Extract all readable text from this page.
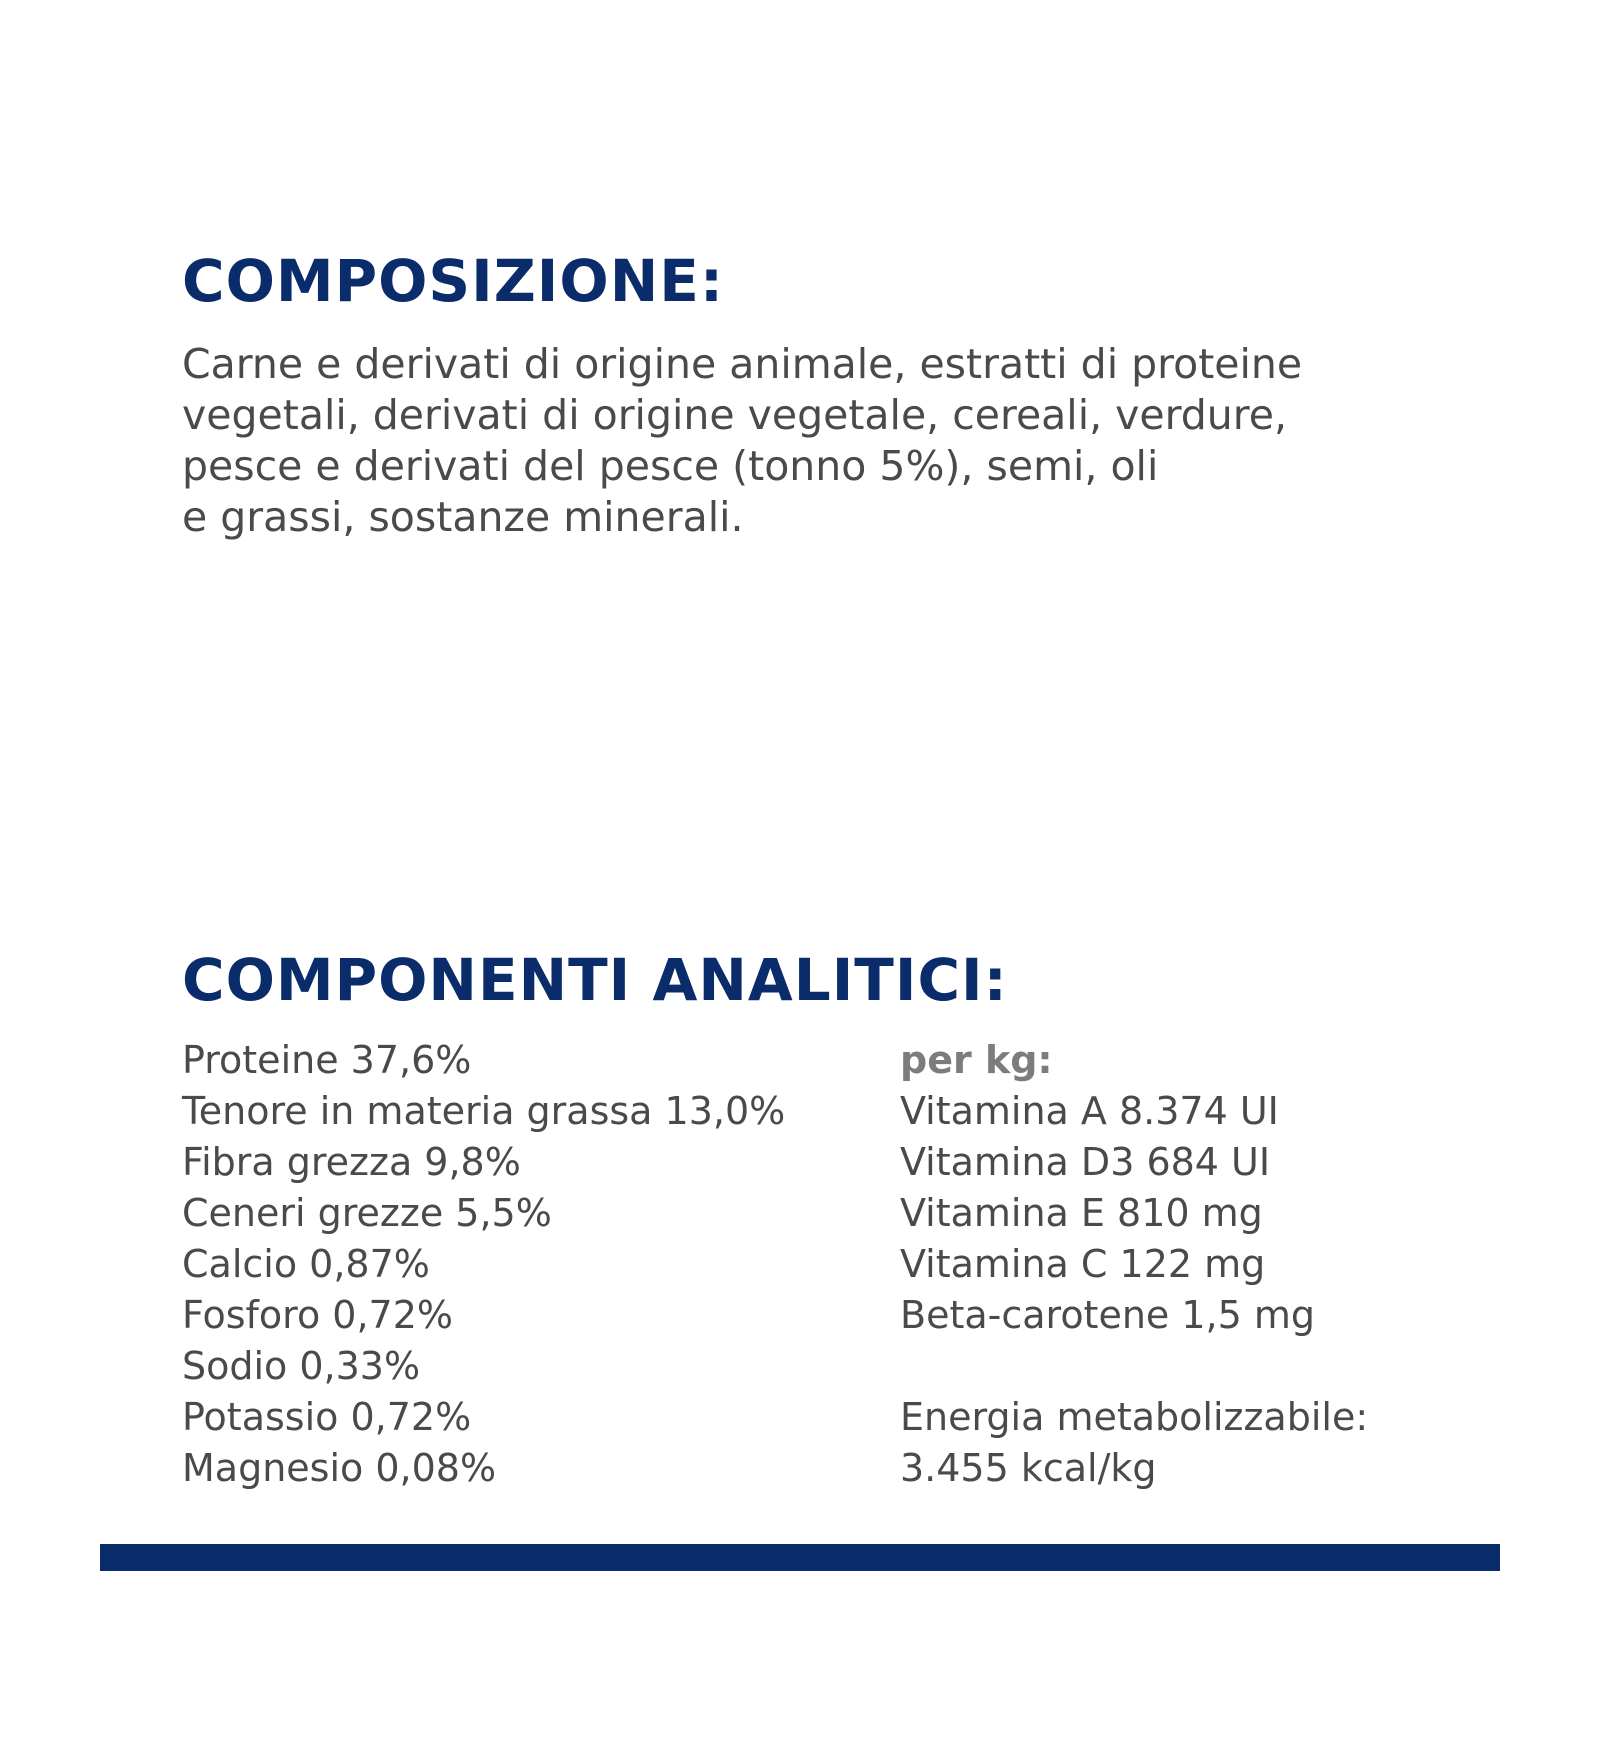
COMPOSIZIONE:
Carne e derivati di origine animale, estratti di proteine
vegetali, derivati di origine vegetale, cereali, verdure,
pesce e derivati del pesce (tonno 5%), semi, oli
e grassi, sostanze minerali.
COMPONENTI ANALITICI:
Proteine 37,6%
Tenore in materia grassa 13,0%
Fibra grezza 9,8%
Ceneri grezze 5,5%
Calcio 0,87%
Fosforo 0,72%
Sodio 0,33%
Potassio 0,72%
Magnesio 0,08%
per kg:
Vitamina A 8.374 UI
Vitamina D3 684 UI
Vitamina E 810 mg
Vitamina C 122 mg
Beta-carotene 1,5 mg
Energia metabolizzabile:
3.455 kcal/kg
